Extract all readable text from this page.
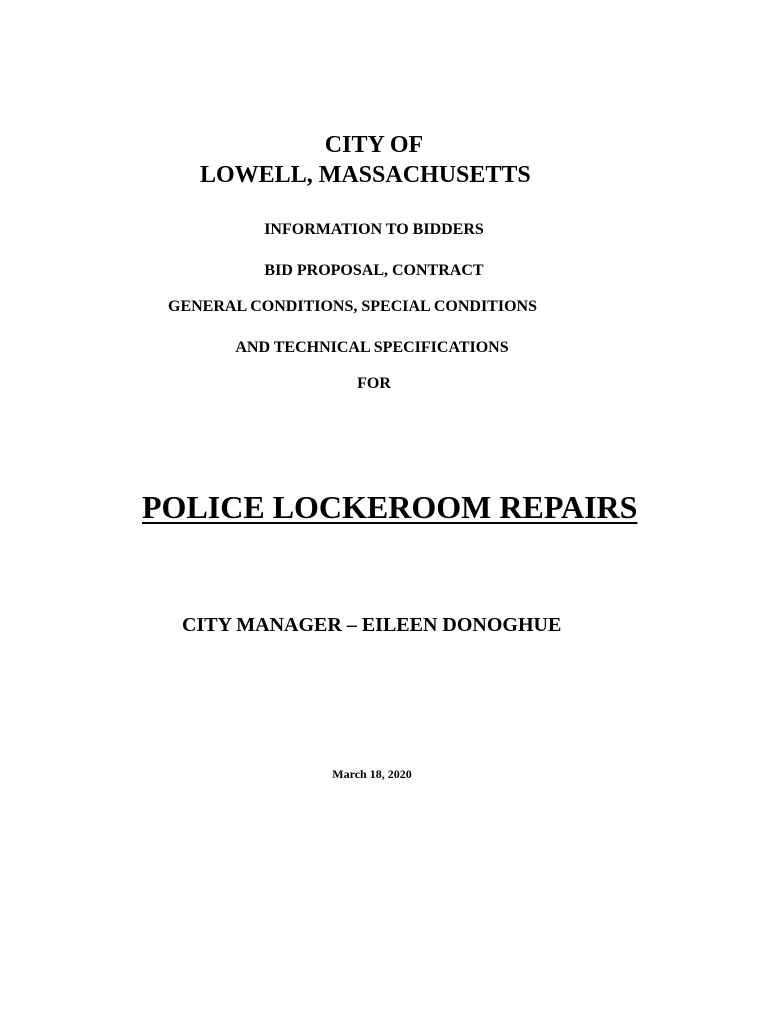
CITY OF
LOWELL, MASSACHUSETTS
INFORMATION TO BIDDERS
BID PROPOSAL, CONTRACT
GENERAL CONDITIONS, SPECIAL CONDITIONS
AND TECHNICAL SPECIFICATIONS
FOR
POLICE LOCKEROOM REPAIRS
CITY MANAGER – EILEEN DONOGHUE
March 18, 2020
